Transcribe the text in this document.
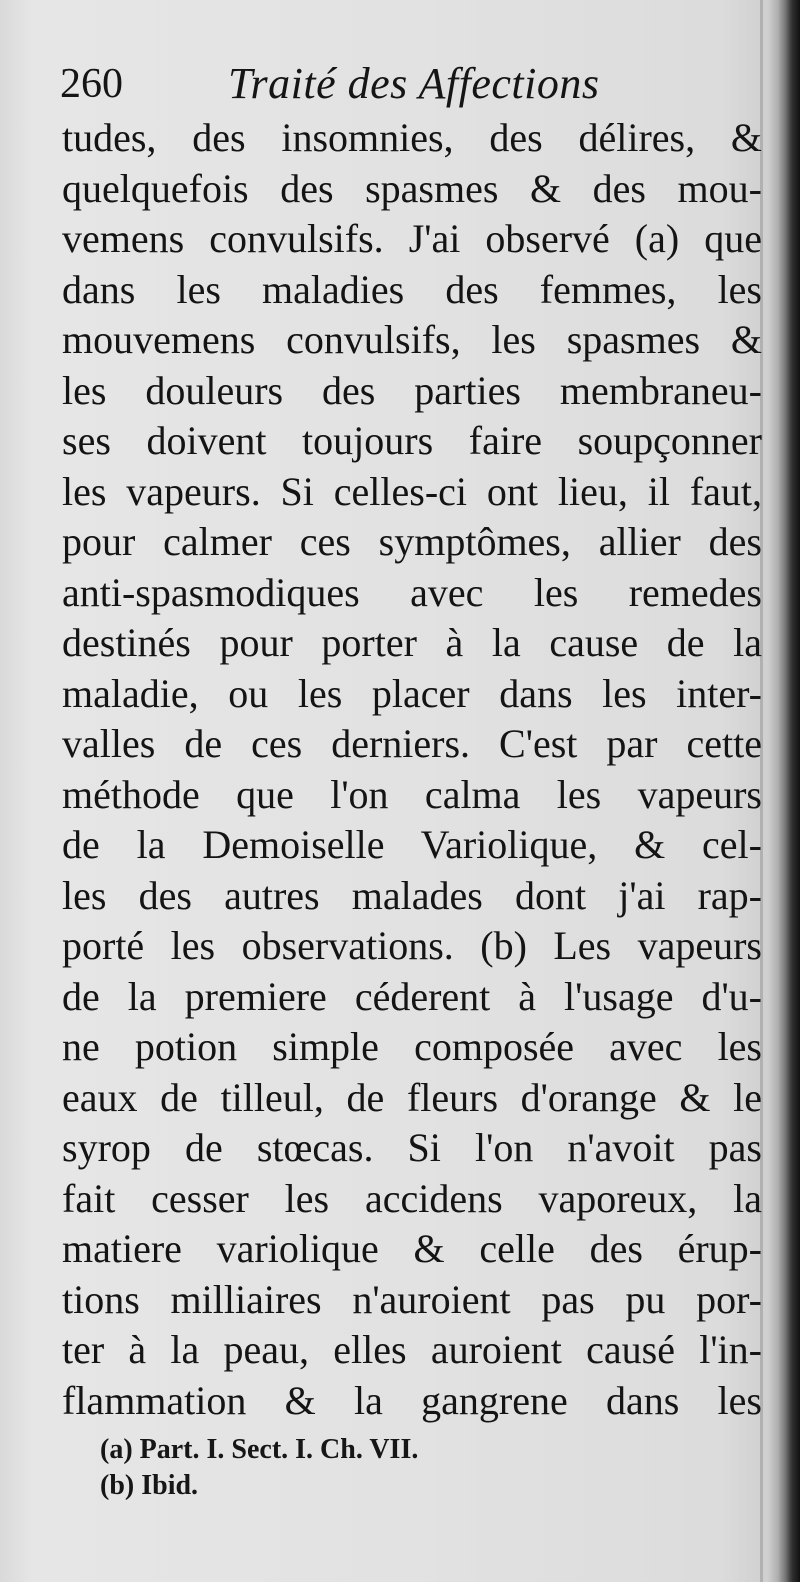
260 Traité des Affections
tudes, des insomnies, des délires, &
quelquefois des spasmes & des mou-
vemens convulsifs. J'ai observé (a) que
dans les maladies des femmes, les
mouvemens convulsifs, les spasmes &
les douleurs des parties membraneu-
ses doivent toujours faire soupçonner
les vapeurs. Si celles-ci ont lieu, il faut,
pour calmer ces symptômes, allier des
anti-spasmodiques avec les remedes
destinés pour porter à la cause de la
maladie, ou les placer dans les inter-
valles de ces derniers. C'est par cette
méthode que l'on calma les vapeurs
de la Demoiselle Variolique, & cel-
les des autres malades dont j'ai rap-
porté les observations. (b) Les vapeurs
de la premiere céderent à l'usage d'u-
ne potion simple composée avec les
eaux de tilleul, de fleurs d'orange & le
syrop de stœcas. Si l'on n'avoit pas
fait cesser les accidens vaporeux, la
matiere variolique & celle des érup-
tions milliaires n'auroient pas pu por-
ter à la peau, elles auroient causé l'in-
flammation & la gangrene dans les
(a) Part. I. Sect. I. Ch. VII.
(b) Ibid.
